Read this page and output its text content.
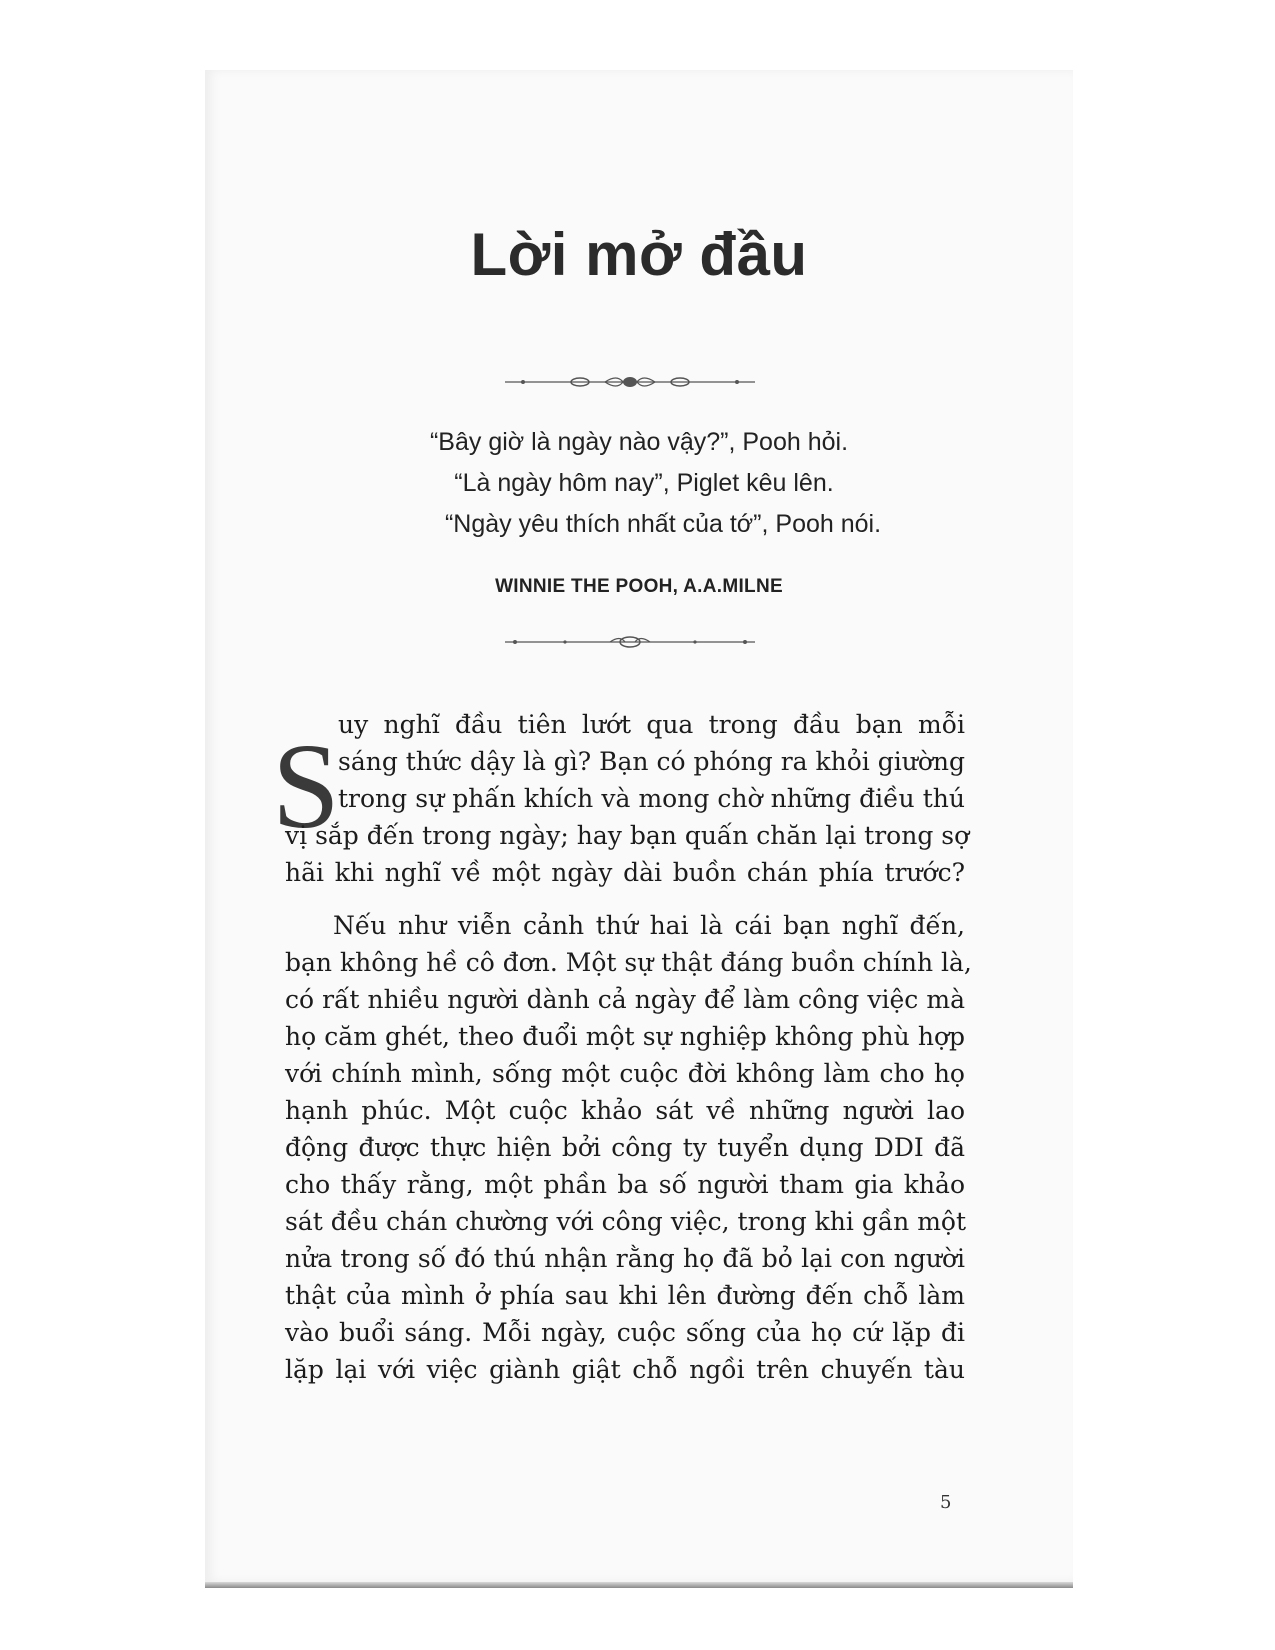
Lời mở đầu
“Bây giờ là ngày nào vậy?”, Pooh hỏi.
“Là ngày hôm nay”, Piglet kêu lên.
“Ngày yêu thích nhất của tớ”, Pooh nói.
WINNIE THE POOH, A.A.MILNE
S
uy nghĩ đầu tiên lướt qua trong đầu bạn mỗi
sáng thức dậy là gì? Bạn có phóng ra khỏi giường
trong sự phấn khích và mong chờ những điều thú
vị sắp đến trong ngày; hay bạn quấn chăn lại trong sợ
hãi khi nghĩ về một ngày dài buồn chán phía trước?
Nếu như viễn cảnh thứ hai là cái bạn nghĩ đến,
bạn không hề cô đơn. Một sự thật đáng buồn chính là,
có rất nhiều người dành cả ngày để làm công việc mà
họ căm ghét, theo đuổi một sự nghiệp không phù hợp
với chính mình, sống một cuộc đời không làm cho họ
hạnh phúc. Một cuộc khảo sát về những người lao
động được thực hiện bởi công ty tuyển dụng DDI đã
cho thấy rằng, một phần ba số người tham gia khảo
sát đều chán chường với công việc, trong khi gần một
nửa trong số đó thú nhận rằng họ đã bỏ lại con người
thật của mình ở phía sau khi lên đường đến chỗ làm
vào buổi sáng. Mỗi ngày, cuộc sống của họ cứ lặp đi
lặp lại với việc giành giật chỗ ngồi trên chuyến tàu
5
